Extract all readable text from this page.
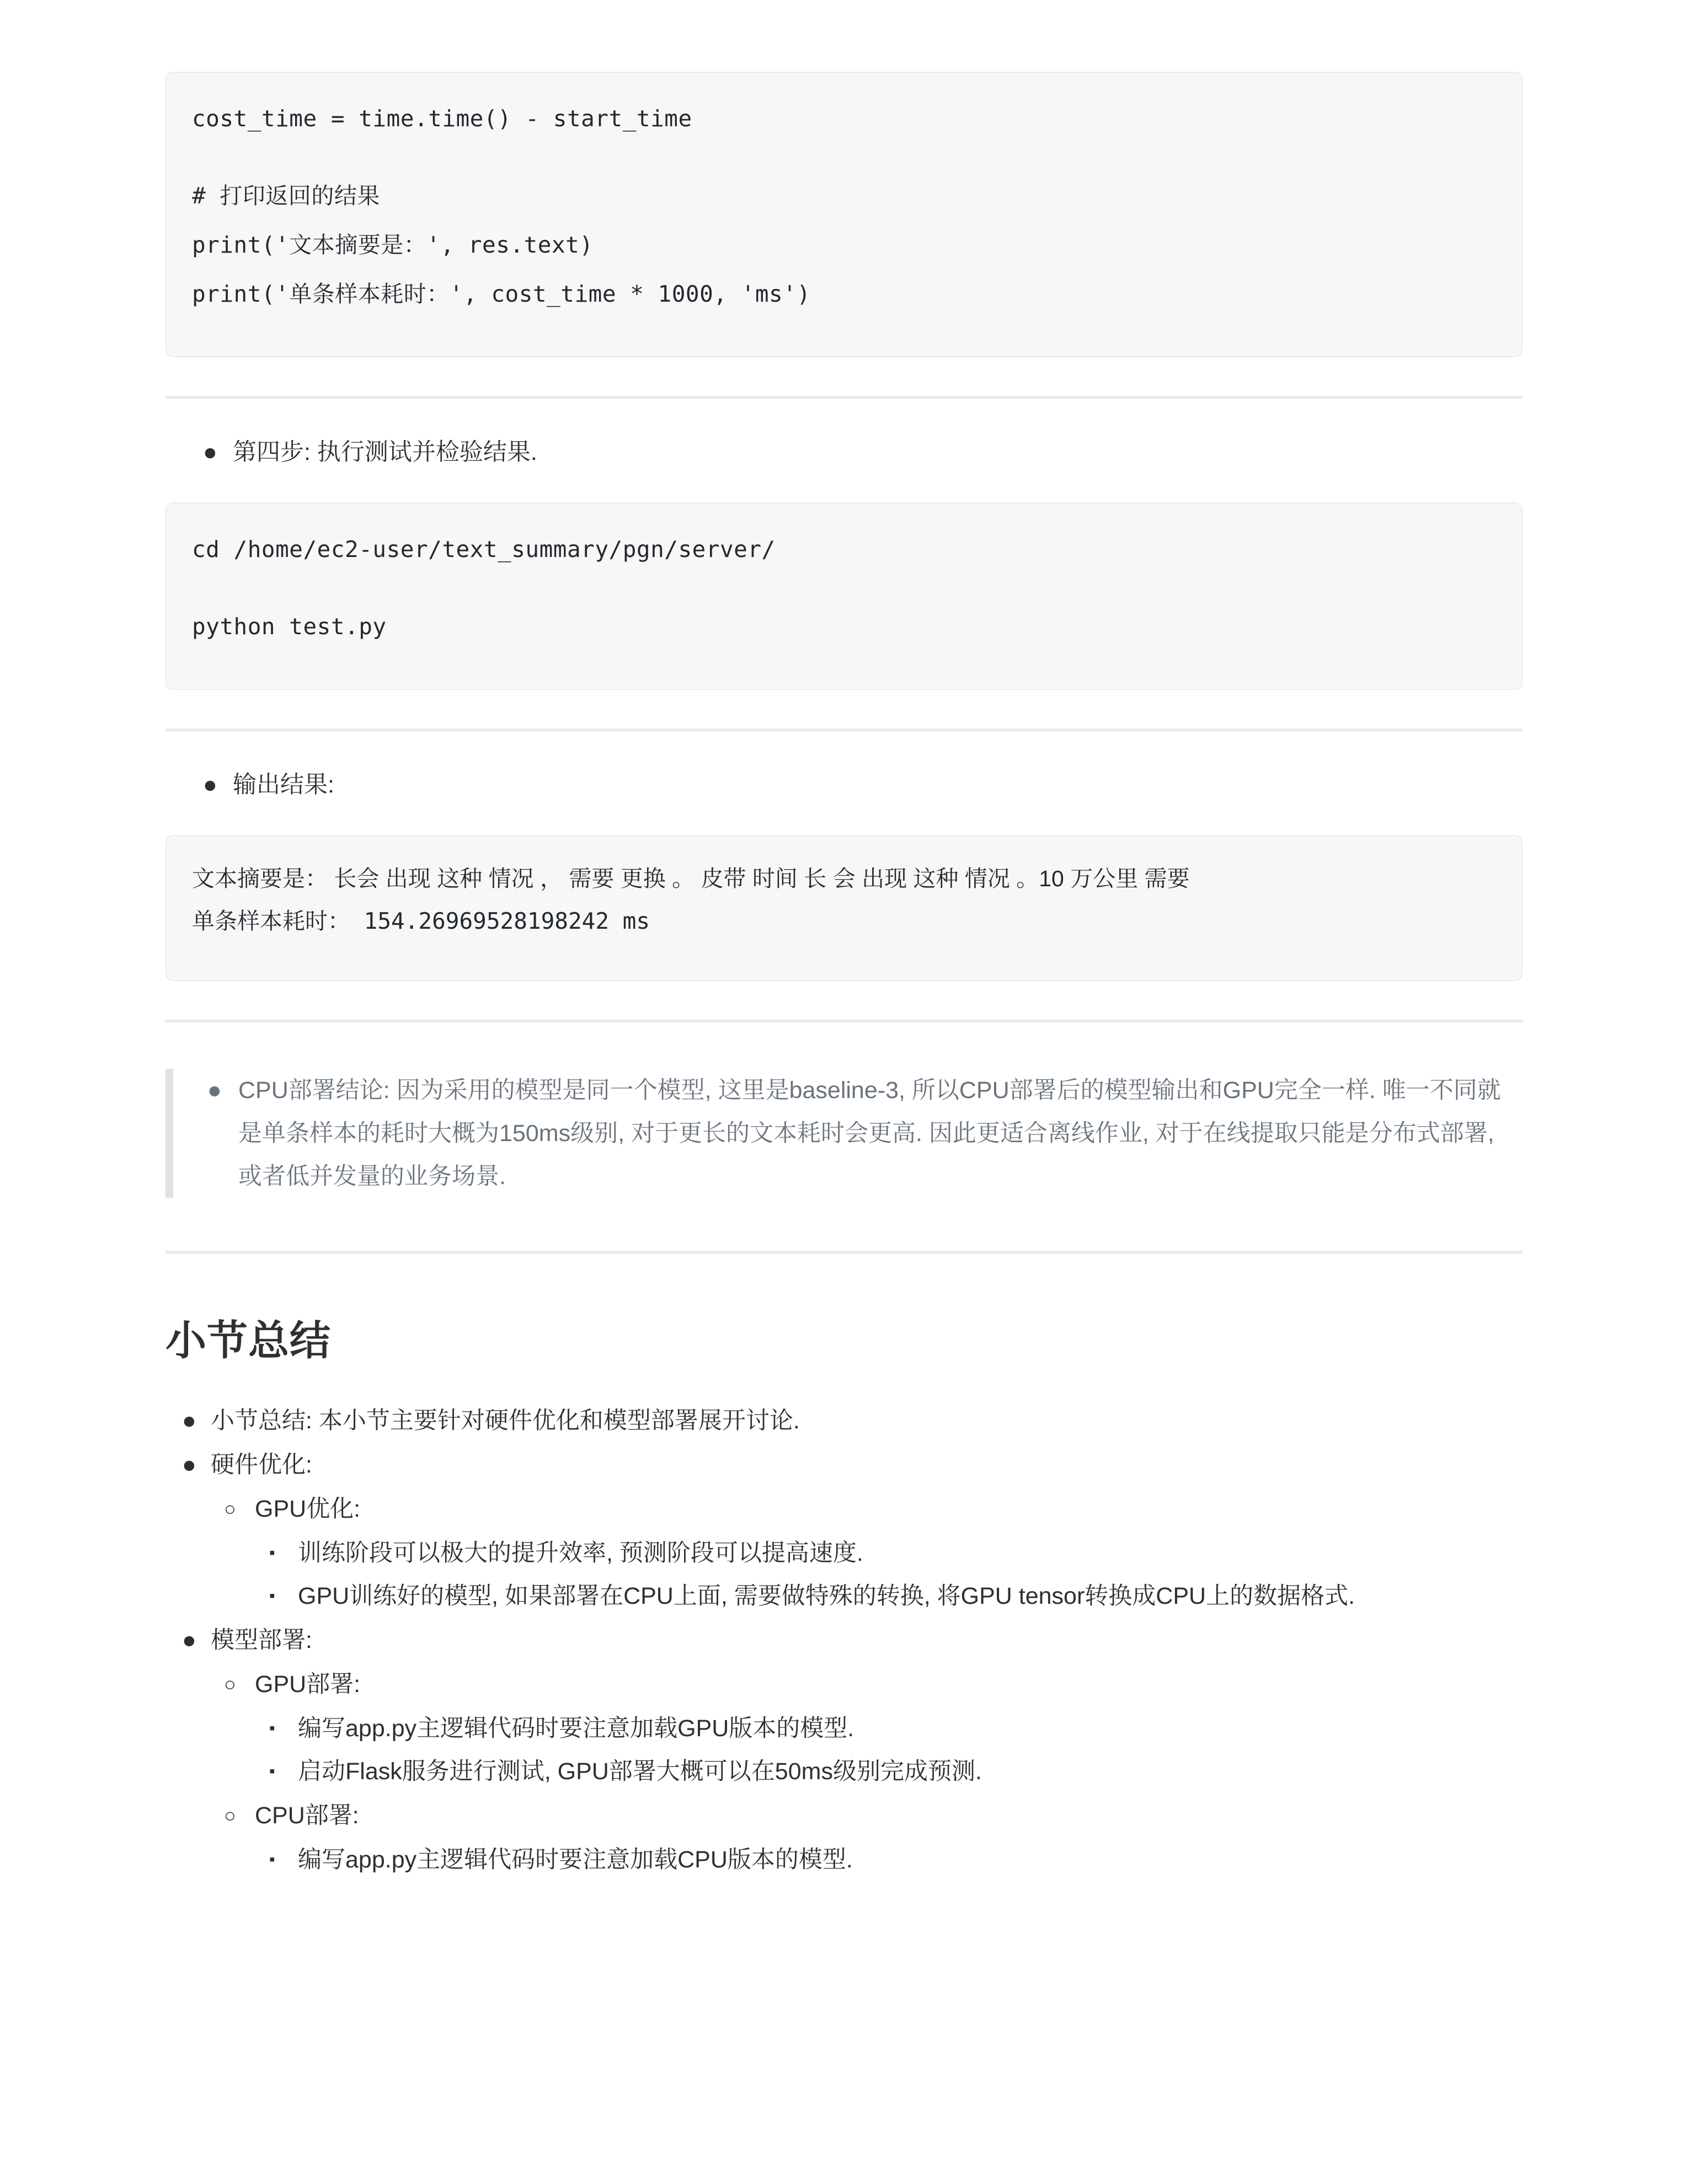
cost_time = time.time() - start_time

# 打印返回的结果

print('文本摘要是：', res.text)

print('单条样本耗时：', cost_time * 1000, 'ms')

● 第四步: 执行测试并检验结果.
cd /home/ec2-user/text_summary/pgn/server/

python test.py

● 输出结果:
文本摘要是： 长会 出现 这种 情况 ， 需要 更换 。 皮带 时间 长 会 出现 这种 情况 。10 万公里 需要

单条样本耗时： 154.26969528198242 ms

● CPU部署结论: 因为采用的模型是同一个模型, 这里是baseline-3, 所以CPU部署后的模型输出和GPU完全一样. 唯一不同就是单条样本的耗时大概为150ms级别, 对于更长的文本耗时会更高. 因此更适合离线作业, 对于在线提取只能是分布式部署, 或者低并发量的业务场景.
小节总结
● 小节总结: 本小节主要针对硬件优化和模型部署展开讨论.
● 硬件优化:
○ GPU优化:
▪ 训练阶段可以极大的提升效率, 预测阶段可以提高速度.
▪ GPU训练好的模型, 如果部署在CPU上面, 需要做特殊的转换, 将GPU tensor转换成CPU上的数据格式.
● 模型部署:
○ GPU部署:
▪ 编写app.py主逻辑代码时要注意加载GPU版本的模型.
▪ 启动Flask服务进行测试, GPU部署大概可以在50ms级别完成预测.
○ CPU部署:
▪ 编写app.py主逻辑代码时要注意加载CPU版本的模型.
